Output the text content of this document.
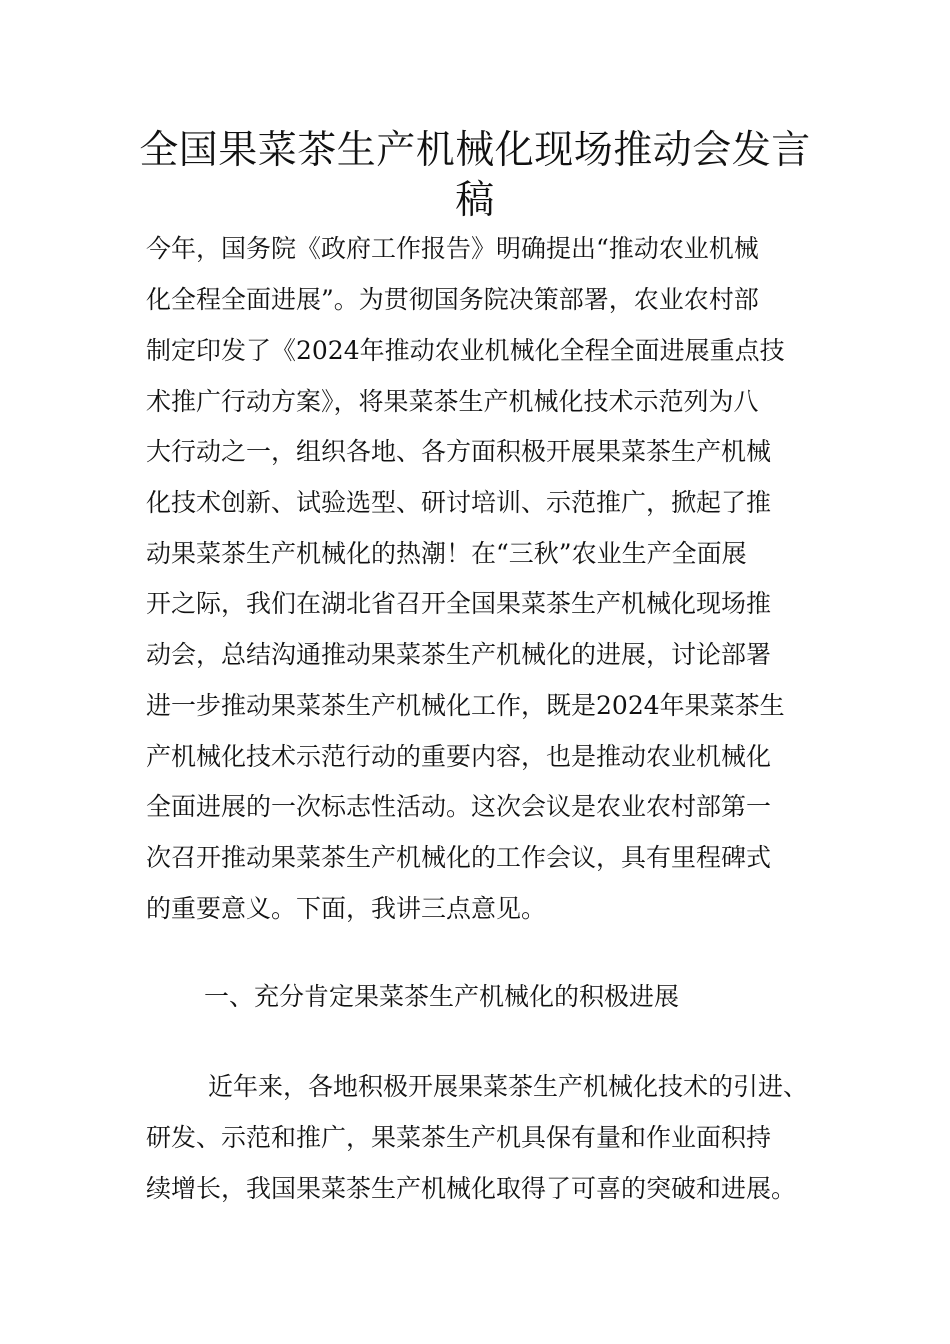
全国果菜茶生产机械化现场推动会发言
稿

今年，国务院《政府工作报告》明确提出“推动农业机械

化全程全面进展”。为贯彻国务院决策部署，农业农村部

制定印发了《2024年推动农业机械化全程全面进展重点技

术推广行动方案》，将果菜茶生产机械化技术示范列为八

大行动之一，组织各地、各方面积极开展果菜茶生产机械

化技术创新、试验选型、研讨培训、示范推广，掀起了推

动果菜茶生产机械化的热潮！在“三秋”农业生产全面展

开之际，我们在湖北省召开全国果菜茶生产机械化现场推

动会，总结沟通推动果菜茶生产机械化的进展，讨论部署

进一步推动果菜茶生产机械化工作，既是2024年果菜茶生

产机械化技术示范行动的重要内容，也是推动农业机械化

全面进展的一次标志性活动。这次会议是农业农村部第一

次召开推动果菜茶生产机械化的工作会议，具有里程碑式

的重要意义。下面，我讲三点意见。

一、充分肯定果菜茶生产机械化的积极进展

近年来，各地积极开展果菜茶生产机械化技术的引进、

研发、示范和推广，果菜茶生产机具保有量和作业面积持

续增长，我国果菜茶生产机械化取得了可喜的突破和进展。
